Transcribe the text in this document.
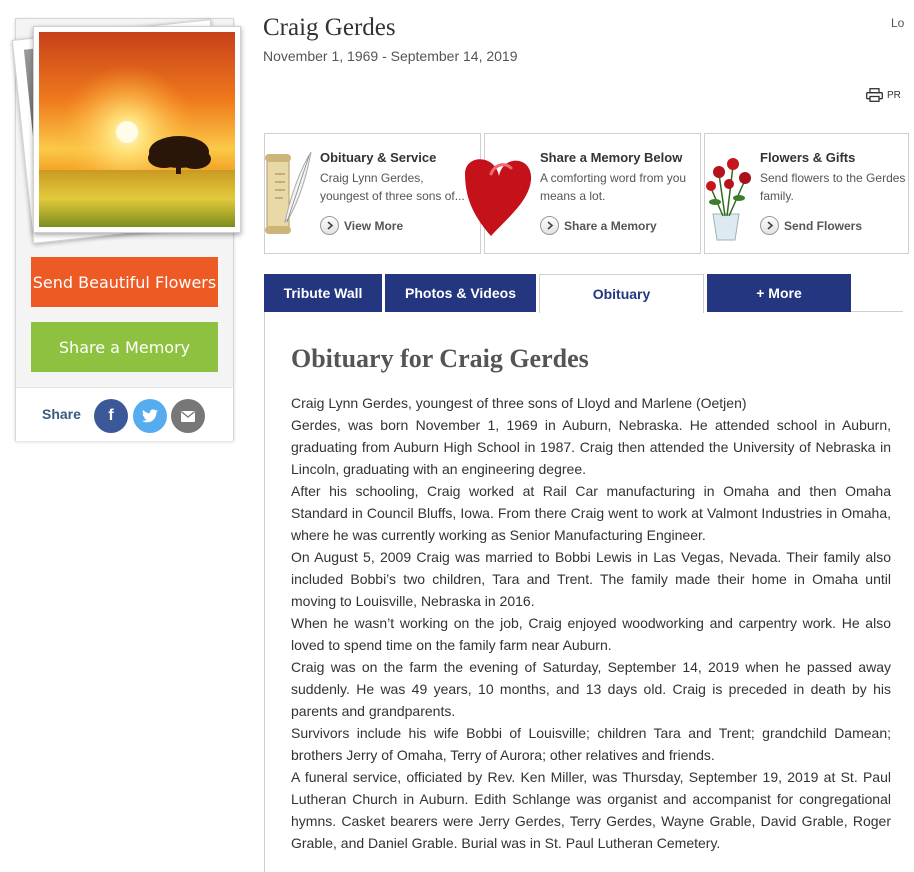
Send Beautiful Flowers
Share a Memory
Share f
Craig Gerdes
November 1, 1969 - September 14, 2019
Lo
PR
Obituary & Service
Craig Lynn Gerdes, youngest of three sons of...
View More
Share a Memory Below
A comforting word from you means a lot.
Share a Memory
Flowers & Gifts
Send flowers to the Gerdes family.
Send Flowers
Tribute Wall	Photos & Videos	Obituary	+ More
Obituary for Craig Gerdes

Craig Lynn Gerdes, youngest of three sons of Lloyd and Marlene (Oetjen)

Gerdes, was born November 1, 1969 in Auburn, Nebraska. He attended school in Auburn, graduating from Auburn High School in 1987. Craig then attended the University of Nebraska in Lincoln, graduating with an engineering degree.

After his schooling, Craig worked at Rail Car manufacturing in Omaha and then Omaha Standard in Council Bluffs, Iowa. From there Craig went to work at Valmont Industries in Omaha, where he was currently working as Senior Manufacturing Engineer.

On August 5, 2009 Craig was married to Bobbi Lewis in Las Vegas, Nevada. Their family also included Bobbi’s two children, Tara and Trent. The family made their home in Omaha until moving to Louisville, Nebraska in 2016.

When he wasn’t working on the job, Craig enjoyed woodworking and carpentry work. He also loved to spend time on the family farm near Auburn.

Craig was on the farm the evening of Saturday, September 14, 2019 when he passed away suddenly. He was 49 years, 10 months, and 13 days old. Craig is preceded in death by his parents and grandparents.

Survivors include his wife Bobbi of Louisville; children Tara and Trent; grandchild Damean; brothers Jerry of Omaha, Terry of Aurora; other relatives and friends.

A funeral service, officiated by Rev. Ken Miller, was Thursday, September 19, 2019 at St. Paul Lutheran Church in Auburn. Edith Schlange was organist and accompanist for congregational hymns. Casket bearers were Jerry Gerdes, Terry Gerdes, Wayne Grable, David Grable, Roger Grable, and Daniel Grable. Burial was in St. Paul Lutheran Cemetery.
